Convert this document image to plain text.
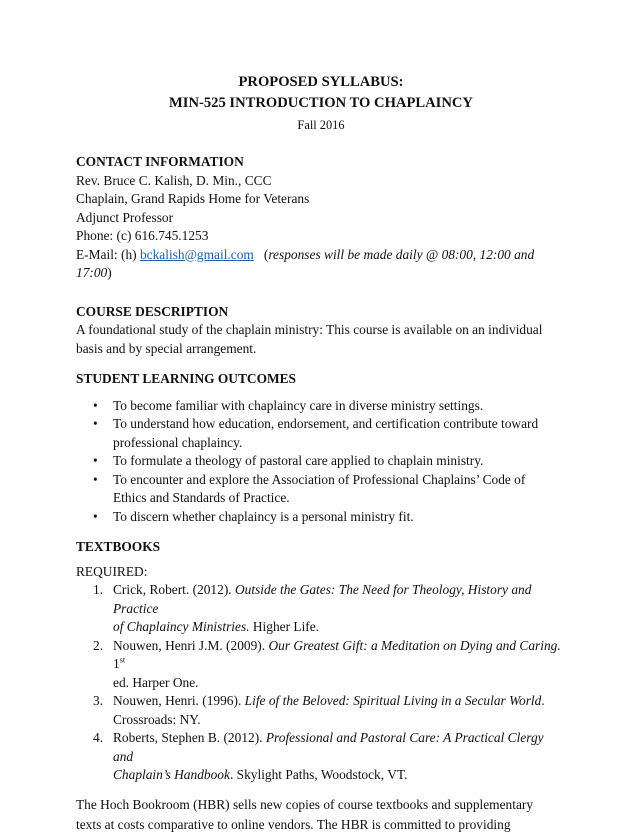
PROPOSED SYLLABUS:

MIN-525 INTRODUCTION TO CHAPLAINCY

Fall 2016

CONTACT INFORMATION
Rev. Bruce C. Kalish, D. Min., CCC
Chaplain, Grand Rapids Home for Veterans
Adjunct Professor
Phone: (c) 616.745.1253
E-Mail: (h) bckalish@gmail.com (responses will be made daily @ 08:00, 12:00 and 17:00)
COURSE DESCRIPTION
A foundational study of the chaplain ministry: This course is available on an individual
basis and by special arrangement.
STUDENT LEARNING OUTCOMES
• To become familiar with chaplaincy care in diverse ministry settings.
• To understand how education, endorsement, and certification contribute toward
professional chaplaincy.
• To formulate a theology of pastoral care applied to chaplain ministry.
• To encounter and explore the Association of Professional Chaplains’ Code of
Ethics and Standards of Practice.
• To discern whether chaplaincy is a personal ministry fit.
TEXTBOOKS

REQUIRED:

1. Crick, Robert. (2012). Outside the Gates: The Need for Theology, History and Practice
of Chaplaincy Ministries. Higher Life.
2. Nouwen, Henri J.M. (2009). Our Greatest Gift: a Meditation on Dying and Caring. 1st
ed. Harper One.
3. Nouwen, Henri. (1996). Life of the Beloved: Spiritual Living in a Secular World.
Crossroads: NY.
4. Roberts, Stephen B. (2012). Professional and Pastoral Care: A Practical Clergy and
Chaplain’s Handbook. Skylight Paths, Woodstock, VT.

The Hoch Bookroom (HBR) sells new copies of course textbooks and supplementary
texts at costs comparative to online vendors. The HBR is committed to providing
